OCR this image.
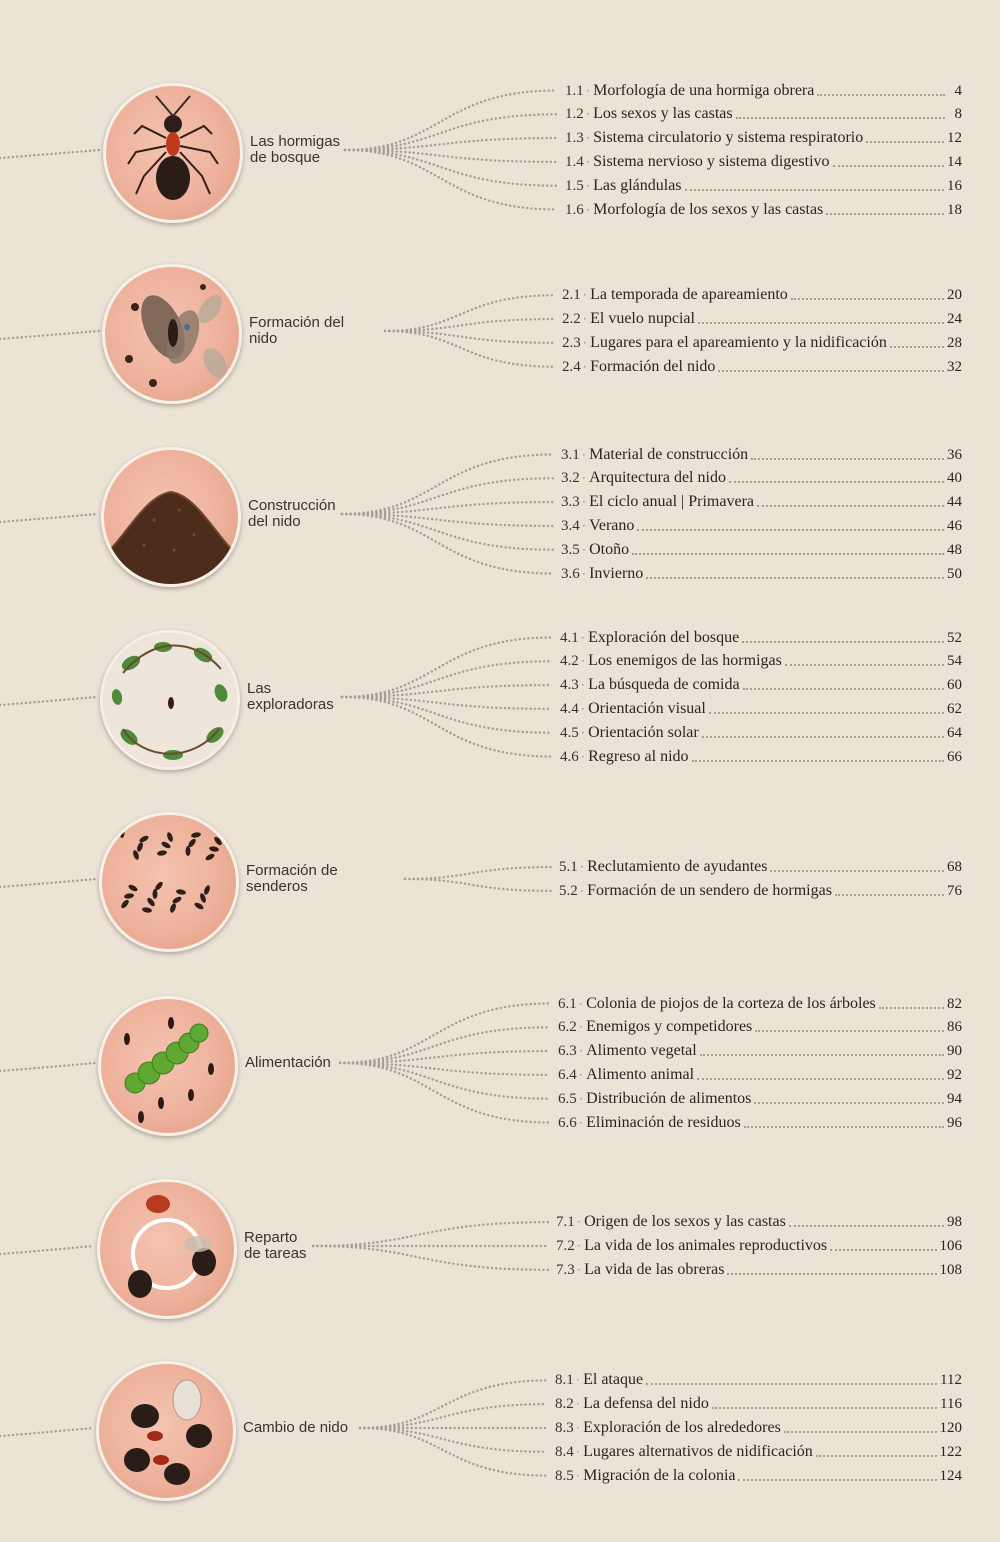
Las hormigas
de bosque
1.1 · Morfología de una hormiga obrera	4
1.2 · Los sexos y las castas	8
1.3 · Sistema circulatorio y sistema respiratorio	12
1.4 · Sistema nervioso y sistema digestivo	14
1.5 · Las glándulas	16
1.6 · Morfología de los sexos y las castas	18
Formación del nido
2.1 · La temporada de apareamiento	20
2.2 · El vuelo nupcial	24
2.3 · Lugares para el apareamiento y la nidificación	28
2.4 · Formación del nido	32
Construcción
del nido
3.1 · Material de construcción	36
3.2 · Arquitectura del nido	40
3.3 · El ciclo anual | Primavera	44
3.4 · Verano	46
3.5 · Otoño	48
3.6 · Invierno	50
Las
exploradoras
4.1 · Exploración del bosque	52
4.2 · Los enemigos de las hormigas	54
4.3 · La búsqueda de comida	60
4.4 · Orientación visual	62
4.5 · Orientación solar	64
4.6 · Regreso al nido	66
Formación de senderos
5.1 · Reclutamiento de ayudantes	68
5.2 · Formación de un sendero de hormigas	76
Alimentación
6.1 · Colonia de piojos de la corteza de los árboles	82
6.2 · Enemigos y competidores	86
6.3 · Alimento vegetal	90
6.4 · Alimento animal	92
6.5 · Distribución de alimentos	94
6.6 · Eliminación de residuos	96
Reparto
de tareas
7.1 · Origen de los sexos y las castas	98
7.2 · La vida de los animales reproductivos	106
7.3 · La vida de las obreras	108
Cambio de nido
8.1 · El ataque	112
8.2 · La defensa del nido	116
8.3 · Exploración de los alrededores	120
8.4 · Lugares alternativos de nidificación	122
8.5 · Migración de la colonia	124
